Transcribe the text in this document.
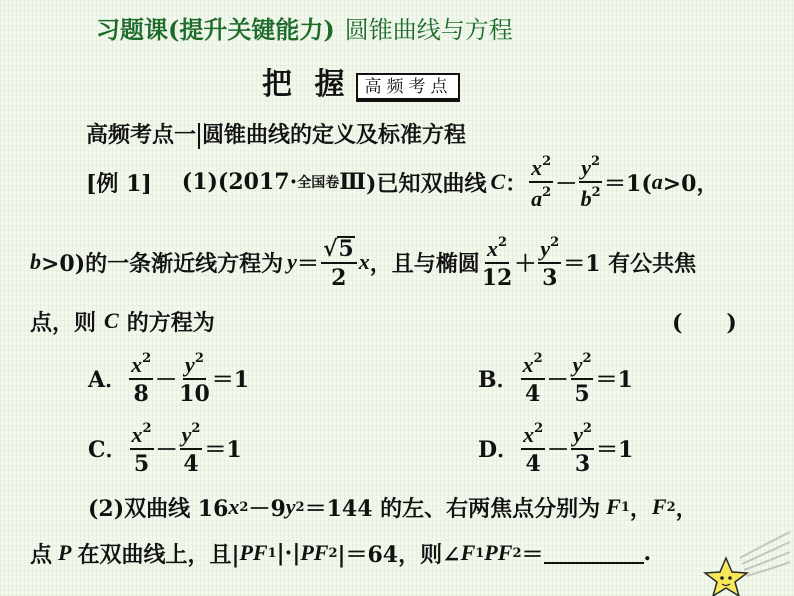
习题课(提升关键能力) 圆锥曲线与方程
把 握 高频考点
高频考点一 圆锥曲线的定义及标准方程
[例 1] (1)(2017· 全国卷 Ⅲ )已知双曲线 C ： $\frac{x^2}{a^2} - \frac{y^2}{b^2} =1$( a >0，
b >0)的一条渐近线方程为 $y = \frac{√ 5}{2}$ x ，且与椭圆 $\frac{x^2}{12} + \frac{y^2}{3} =1$ 有公共焦
点，则 C 的方程为	(　　)
A． $\frac{x^2}{8} - \frac{y^2}{10} =1$	B． $\frac{x^2}{4} - \frac{y^2}{5} =1$
C． $\frac{x^2}{5} - \frac{y^2}{4} =1$	D． $\frac{x^2}{4} - \frac{y^2}{3} =1$
(2)双曲线 16 x 2 －9 y 2 ＝144 的左、右两焦点分别为 F 1 ， F 2 ，
点 P 在双曲线上，且| PF 1 |·| PF 2 |＝64，则∠ F 1 P F 2 ＝	.
